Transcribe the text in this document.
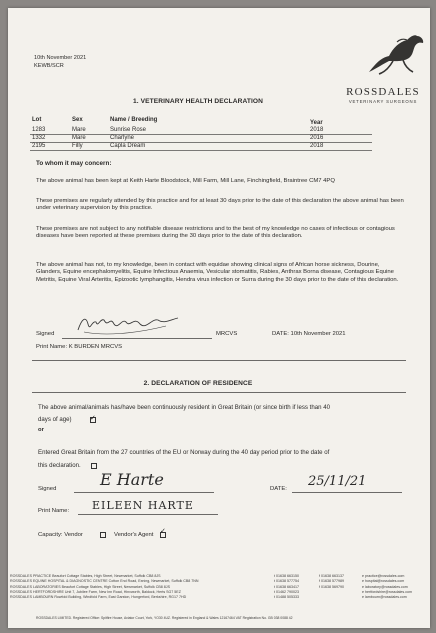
10th November 2021
KEWB/SCR
ROSSDALES
VETERINARY SURGEONS
1. VETERINARY HEALTH DECLARATION
Lot	Sex	Name / Breeding	Year
1283	Mare	Sunrise Rose	2018
1332	Mare	Charlyne	2016
2195	Filly	Capla Dream	2018
To whom it may concern:
The above animal has been kept at Keith Harte Bloodstock, Mill Farm, Mill Lane, Finchingfield, Braintree CM7 4PQ
These premises are regularly attended by this practice and for at least 30 days prior to the date of this declaration the above animal has been under veterinary supervision by this practice.
These premises are not subject to any notifiable disease restrictions and to the best of my knowledge no cases of infectious or contagious diseases have been reported at these premises during the 30 days prior to the date of this declaration.
The above animal has not, to my knowledge, been in contact with equidae showing clinical signs of African horse sickness, Dourine, Glanders, Equine encephalomyelitis, Equine Infectious Anaemia, Vesicular stomatitis, Rabies, Anthrax Borna disease, Contagious Equine Metritis, Equine Viral Arteritis, Epizootic lymphangitis, Hendra virus infection or Surra during the 30 days prior to the date of this declaration.
Signed	MRCVS	DATE: 10th November 2021
Print Name: K BURDEN MRCVS
2. DECLARATION OF RESIDENCE
The above animal/animals has/have been continuously resident in Great Britain (or since birth if less than 40
days of age)	✓
or
Entered Great Britain from the 27 countries of the EU or Norway during the 40 day period prior to the date of
this declaration.
Signed	E Harte	DATE: 25/11/21
Print Name: EILEEN HARTE
Capacity: Vendor	Vendor's Agent ✓
ROSSDALES PRACTICE Beaufort Cottage Stables, High Street, Newmarket, Suffolk CB8 8JS
ROSSDALES EQUINE HOSPITAL & DIAGNOSTIC CENTRE Cotton End Road, Exning, Newmarket, Suffolk CB8 7NN
ROSSDALES LABORATORIES Beaufort Cottage Stables, High Street, Newmarket, Suffolk CB8 8JS
ROSSDALES HERTFORDSHIRE Unit 7, Jubilee Farm, New Inn Road, Hinxworth, Baldock, Herts SG7 5EZ
ROSSDALES LAMBOURN Rowfold Building, Windfold Farm, East Garston, Hungerford, Berkshire, RG17 7HD
t 01638 663150
t 01638 577754
t 01638 663417
t 01462 790023
t 01488 505333
f 01638 663137
f 01638 577989
f 01638 569790
e practice@rossdales.com
e hospital@rossdales.com
e laboratory@rossdales.com
e hertfordshire@rossdales.com
e lambourn@rossdales.com
ROSSDALES LIMITED. Registered Office: Spitfire House, Aviator Court, York, YO30 4UZ. Registered in England & Wales 12167464 VAT Registration No. GB 038 0088 42
